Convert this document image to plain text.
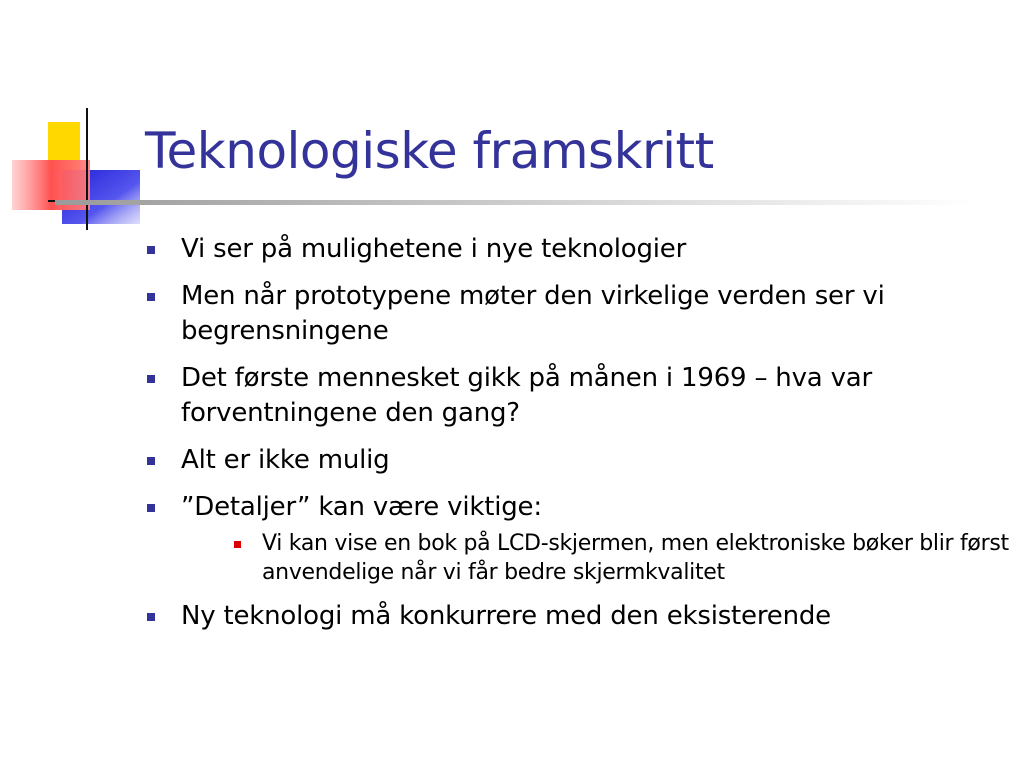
Teknologiske framskritt
Vi ser på mulighetene i nye teknologier
Men når prototypene møter den virkelige verden ser vi begrensningene
Det første mennesket gikk på månen i 1969 – hva var forventningene den gang?
Alt er ikke mulig
”Detaljer” kan være viktige:
Vi kan vise en bok på LCD-skjermen, men elektroniske bøker blir først anvendelige når vi får bedre skjermkvalitet
Ny teknologi må konkurrere med den eksisterende
